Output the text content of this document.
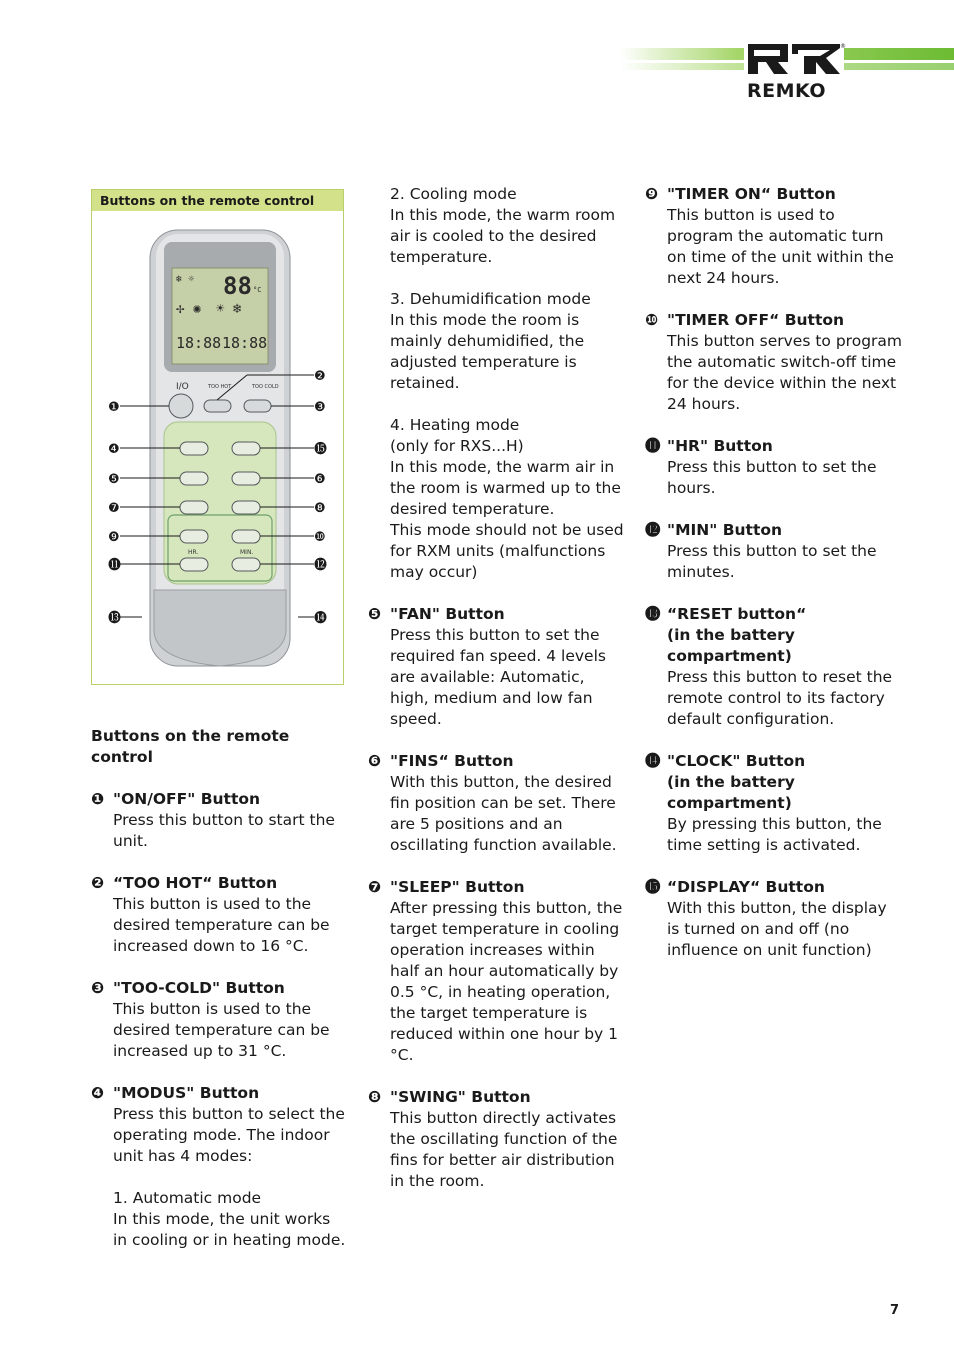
®
REMKO
Buttons on the remote control
❄ ☼ 88 °C
✢ ✺ ☀ ❄
18:88 18:88
I/O	TOO HOT	TOO COLD
HR.	MIN.
❶
❷
❸
❹	⓯
❺	❻
❼	❽
❾	❿
⓫	⓬
⓭	⓮
Buttons on the remote control
❶ "ON/OFF" Button

Press this button to start the unit.

❷ “TOO HOT“ Button

This button is used to the desired temperature can be increased down to 16 °C.

❸ "TOO-COLD" Button

This button is used to the desired temperature can be increased up to 31 °C.

❹ "MODUS" Button

Press this button to select the operating mode. The indoor unit has 4 modes:

1. Automatic mode

In this mode, the unit works in cooling or in heating mode.

2. Cooling mode

In this mode, the warm room air is cooled to the desired temperature.

3. Dehumidification mode

In this mode the room is mainly dehumidified, the adjusted temperature is retained.

4. Heating mode

(only for RXS...H)

In this mode, the warm air in the room is warmed up to the desired temperature.

This mode should not be used for RXM units (malfunctions may occur)

❺ "FAN" Button

Press this button to set the required fan speed. 4 levels are available: Automatic, high, medium and low fan speed.

❻ "FINS“ Button

With this button, the desired fin position can be set. There are 5 positions and an oscillating function available.

❼ "SLEEP" Button

After pressing this button, the target temperature in cooling operation increases within half an hour automatically by 0.5 °C, in heating operation, the target temperature is reduced within one hour by 1 °C.

❽ "SWING" Button

This button directly activates the oscillating function of the fins for better air distribution in the room.

❾ "TIMER ON“ Button

This button is used to program the automatic turn on time of the unit within the next 24 hours.

❿ "TIMER OFF“ Button

This button serves to program the automatic switch-off time for the device within the next 24 hours.

⓫ "HR" Button

Press this button to set the hours.

⓬ "MIN" Button

Press this button to set the minutes.

⓭ “RESET button“

(in the battery compartment)

Press this button to reset the remote control to its factory default configuration.

⓮ "CLOCK" Button

(in the battery compartment)

By pressing this button, the time setting is activated.

⓯ “DISPLAY“ Button

With this button, the display is turned on and off (no influence on unit function)

7
